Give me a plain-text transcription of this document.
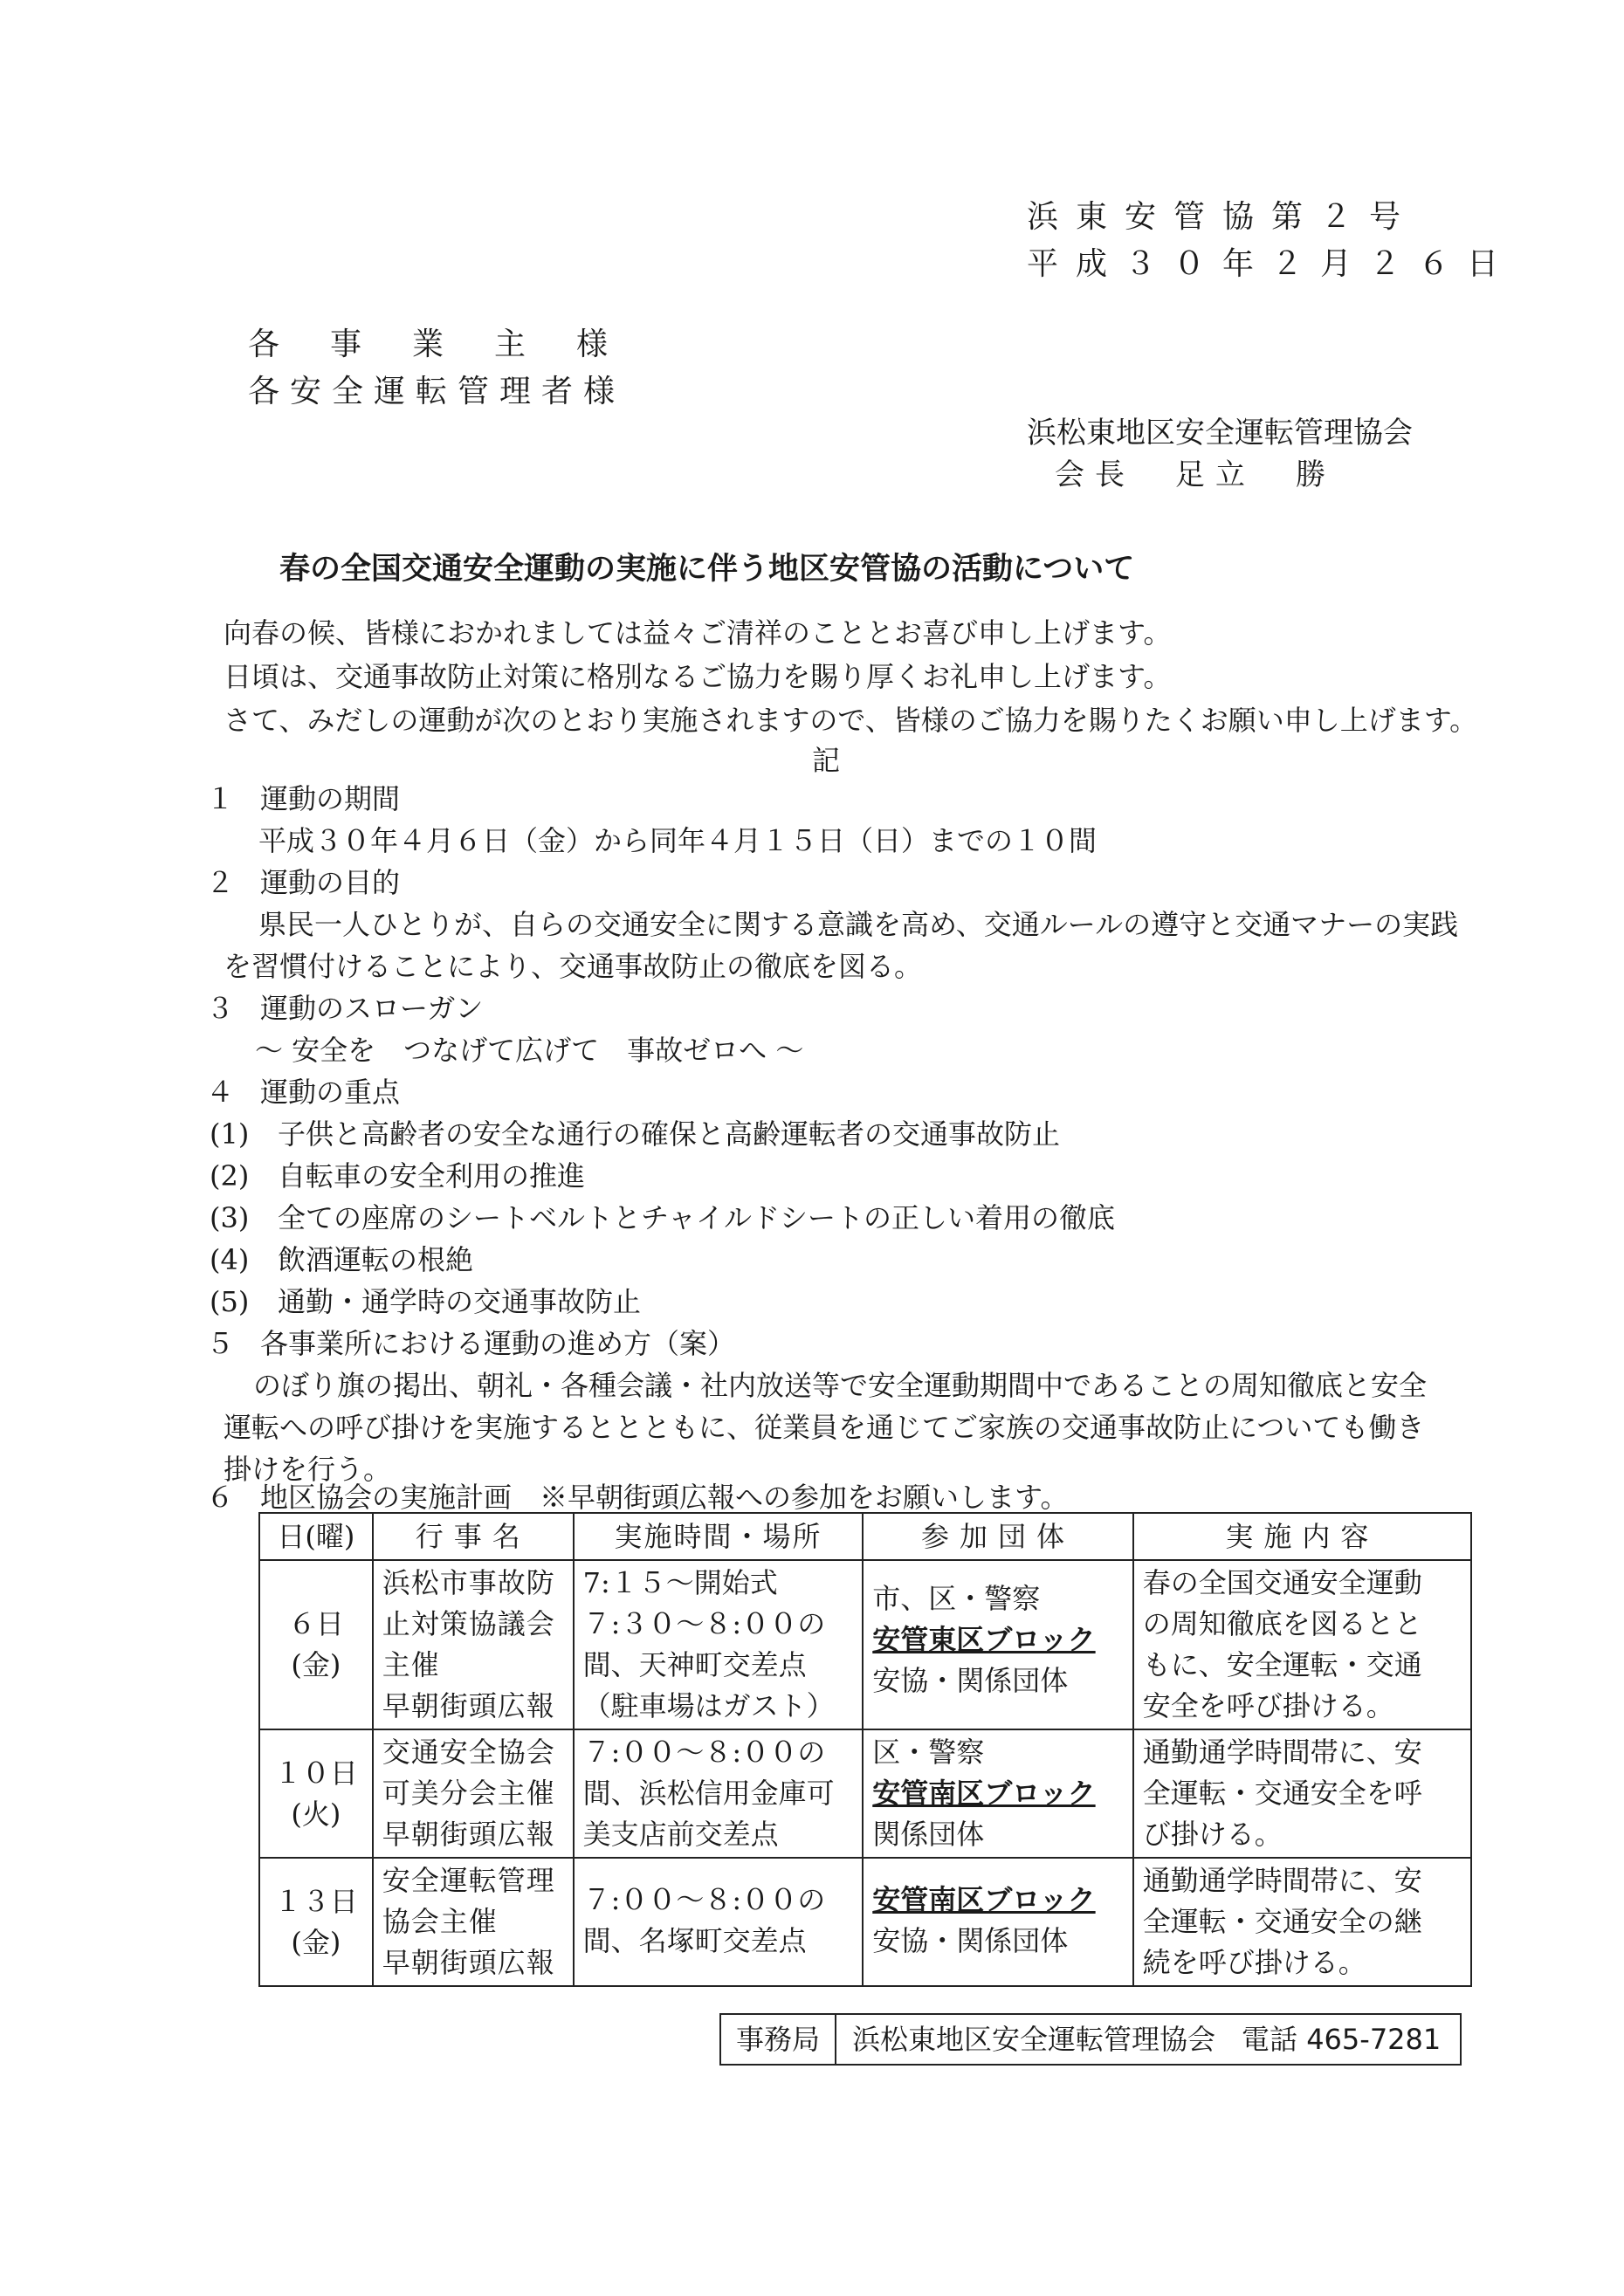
浜東安管協第２号
平成３０年２月２６日
各事業主様
各安全運転管理者様
浜松東地区安全運転管理協会
会長　足立　勝
春の全国交通安全運動の実施に伴う地区安管協の活動について
向春の候、皆様におかれましては益々ご清祥のこととお喜び申し上げます。
日頃は、交通事故防止対策に格別なるご協力を賜り厚くお礼申し上げます。
さて、みだしの運動が次のとおり実施されますので、皆様のご協力を賜りたくお願い申し上げます。
記
１ 運動の期間
平成３０年４月６日（金）から同年４月１５日（日）までの１０間
２ 運動の目的
県民一人ひとりが、自らの交通安全に関する意識を高め、交通ルールの遵守と交通マナーの実践
を習慣付けることにより、交通事故防止の徹底を図る。
３ 運動のスローガン
～ 安全を　つなげて広げて　事故ゼロへ ～
４ 運動の重点
(1) 子供と高齢者の安全な通行の確保と高齢運転者の交通事故防止
(2) 自転車の安全利用の推進
(3) 全ての座席のシートベルトとチャイルドシートの正しい着用の徹底
(4) 飲酒運転の根絶
(5) 通勤・通学時の交通事故防止
５ 各事業所における運動の進め方（案）
のぼり旗の掲出、朝礼・各種会議・社内放送等で安全運動期間中であることの周知徹底と安全
運転への呼び掛けを実施するととともに、従業員を通じてご家族の交通事故防止についても働き
掛けを行う。
６ 地区協会の実施計画　※早朝街頭広報への参加をお願いします。
日(曜)	行事名	実施時間・場所	参加団体	実施内容

６日
(金)	浜松市事故防
止対策協議会
主催
早朝街頭広報	7:１５～開始式
７:３０～８:００の
間、天神町交差点
（駐車場はガスト）	市、区・警察
安管東区ブロック
安協・関係団体	春の全国交通安全運動
の周知徹底を図るとと
もに、安全運転・交通
安全を呼び掛ける。

１０日
(火)	交通安全協会
可美分会主催
早朝街頭広報	７:００～８:００の
間、浜松信用金庫可
美支店前交差点	区・警察
安管南区ブロック
関係団体	通勤通学時間帯に、安
全運転・交通安全を呼
び掛ける。

１３日
(金)	安全運転管理
協会主催
早朝街頭広報	７:００～８:００の
間、名塚町交差点	安管南区ブロック
安協・関係団体	通勤通学時間帯に、安
全運転・交通安全の継
続を呼び掛ける。
事務局	浜松東地区安全運転管理協会 電話 465-7281
